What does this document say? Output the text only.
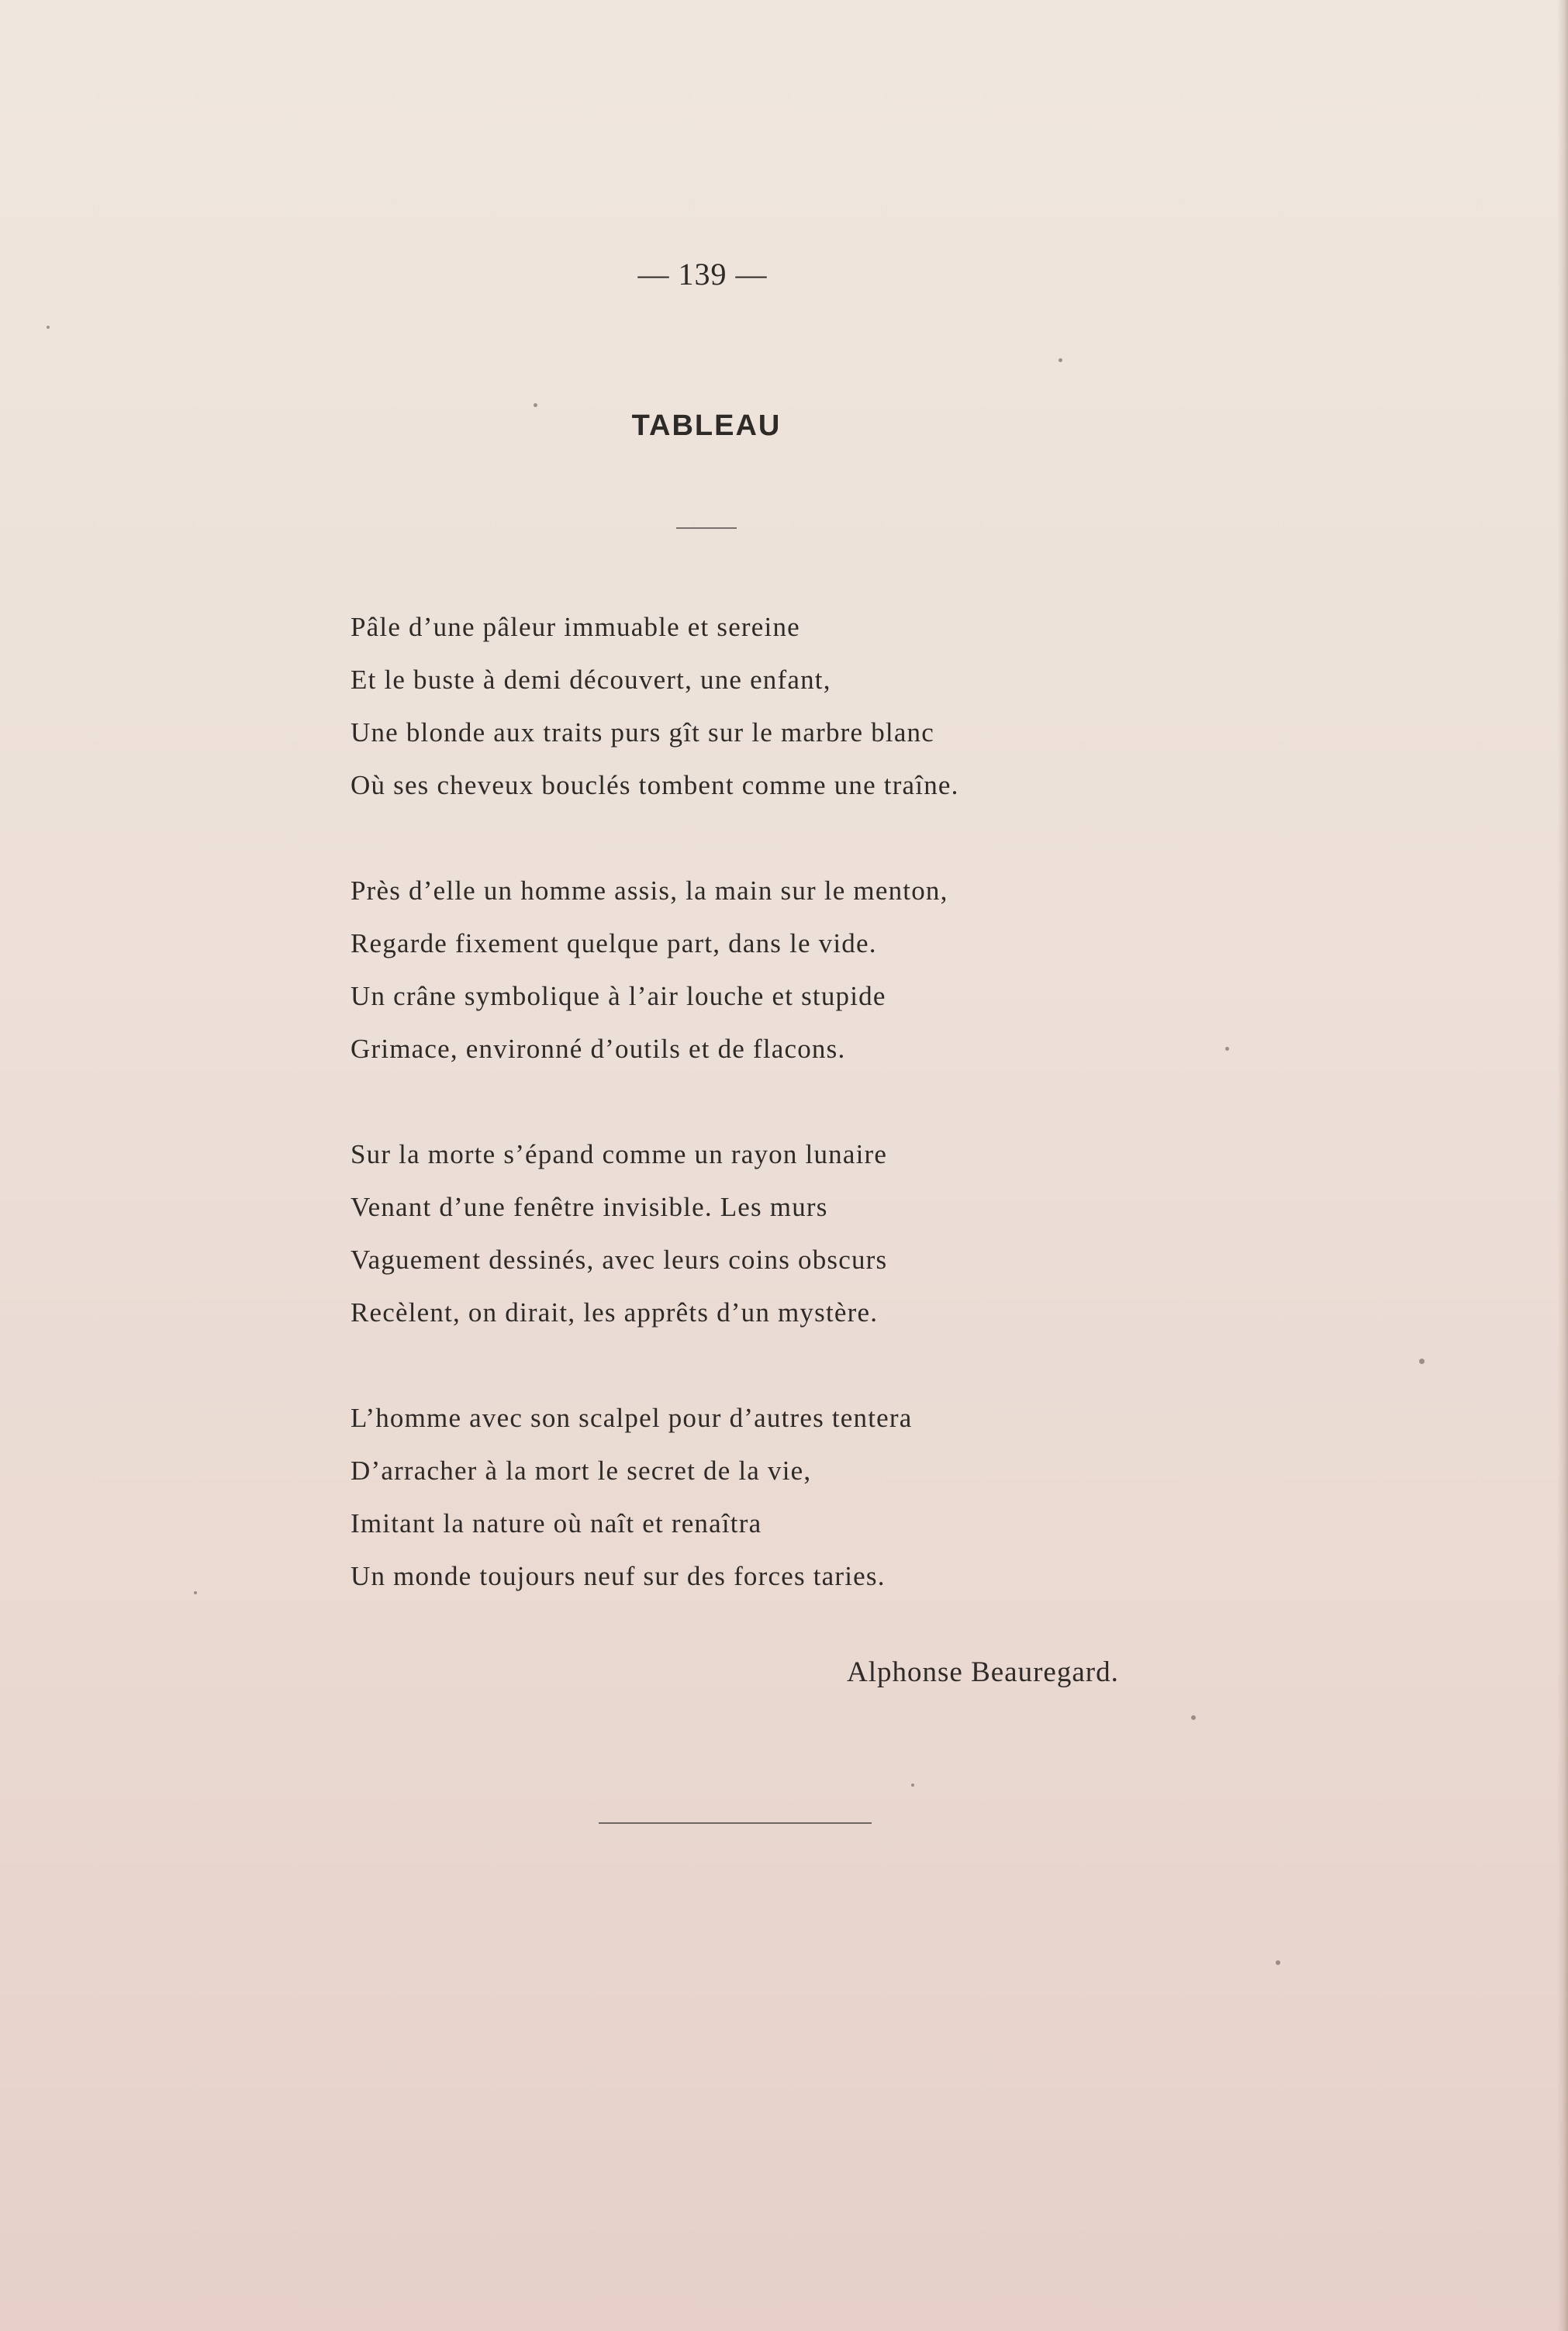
— 139 —
TABLEAU
Pâle d’une pâleur immuable et sereine
Et le buste à demi découvert, une enfant,
Une blonde aux traits purs gît sur le marbre blanc
Où ses cheveux bouclés tombent comme une traîne.
Près d’elle un homme assis, la main sur le menton,
Regarde fixement quelque part, dans le vide.
Un crâne symbolique à l’air louche et stupide
Grimace, environné d’outils et de flacons.
Sur la morte s’épand comme un rayon lunaire
Venant d’une fenêtre invisible. Les murs
Vaguement dessinés, avec leurs coins obscurs
Recèlent, on dirait, les apprêts d’un mystère.
L’homme avec son scalpel pour d’autres tentera
D’arracher à la mort le secret de la vie,
Imitant la nature où naît et renaîtra
Un monde toujours neuf sur des forces taries.
Alphonse Beauregard.
